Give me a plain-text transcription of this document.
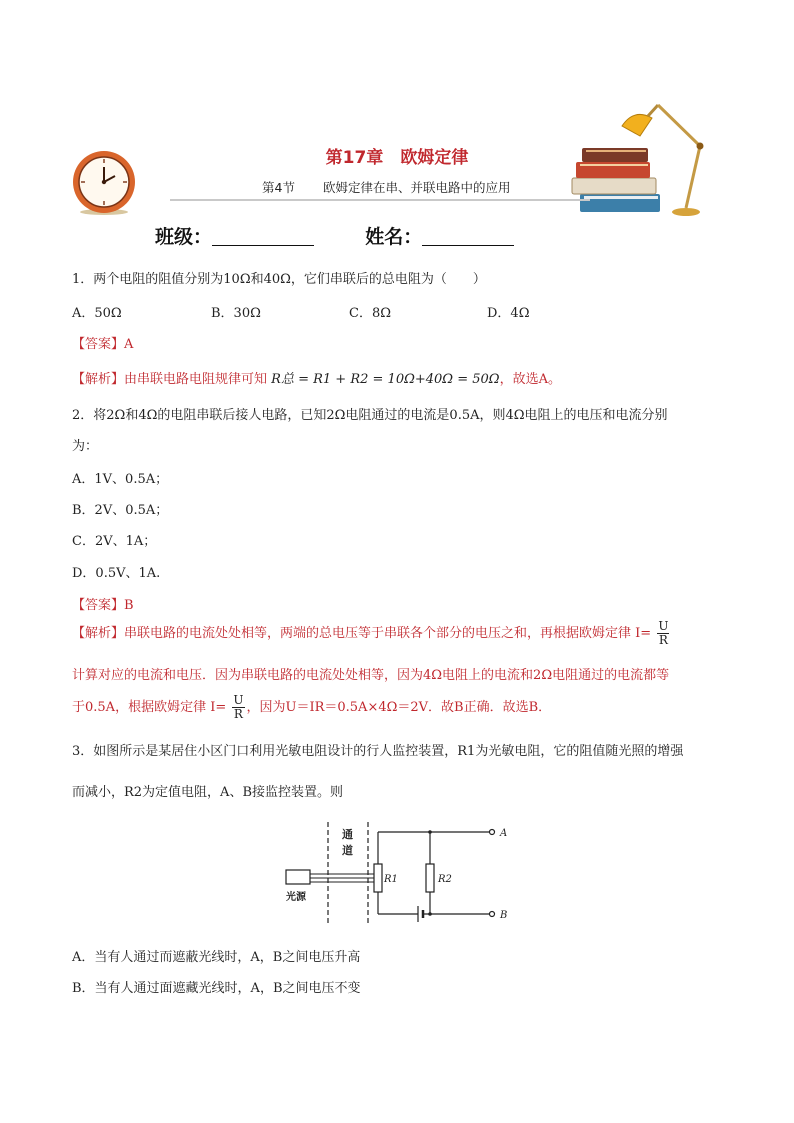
第17章　欧姆定律
第4节 欧姆定律在串、并联电路中的应用
班级：	姓名：
1．两个电阻的阻值分别为10Ω和40Ω，它们串联后的总电阻为（　　）
A．50Ω	B．30Ω	C．8Ω	D．4Ω
【答案】A
【解析】由串联电路电阻规律可知 R总 = R1 + R2 = 10Ω+40Ω = 50Ω，故选A。
2．将2Ω和4Ω的电阻串联后接人电路，已知2Ω电阻通过的电流是0.5A，则4Ω电阻上的电压和电流分别
为：
A．1V、0.5A；
B．2V、0.5A；
C．2V、1A；
D．0.5V、1A.
【答案】B
【解析】串联电路的电流处处相等，两端的总电压等于串联各个部分的电压之和，再根据欧姆定律 $I= \frac{U}{R}$
计算对应的电流和电压．因为串联电路的电流处处相等，因为4Ω电阻上的电流和2Ω电阻通过的电流都等
于0.5A，根据欧姆定律 $I= \frac{U}{R}$ ，因为U＝IR＝0.5A×4Ω＝2V．故B正确．故选B．
3．如图所示是某居住小区门口利用光敏电阻设计的行人监控装置，R1为光敏电阻，它的阻值随光照的增强
而减小，R2为定值电阻，A、B接监控装置。则
通
道
光源
A
B
R1	R2
A．当有人通过而遮蔽光线时，A，B之间电压升高
B．当有人通过面遮藏光线时，A，B之间电压不变
